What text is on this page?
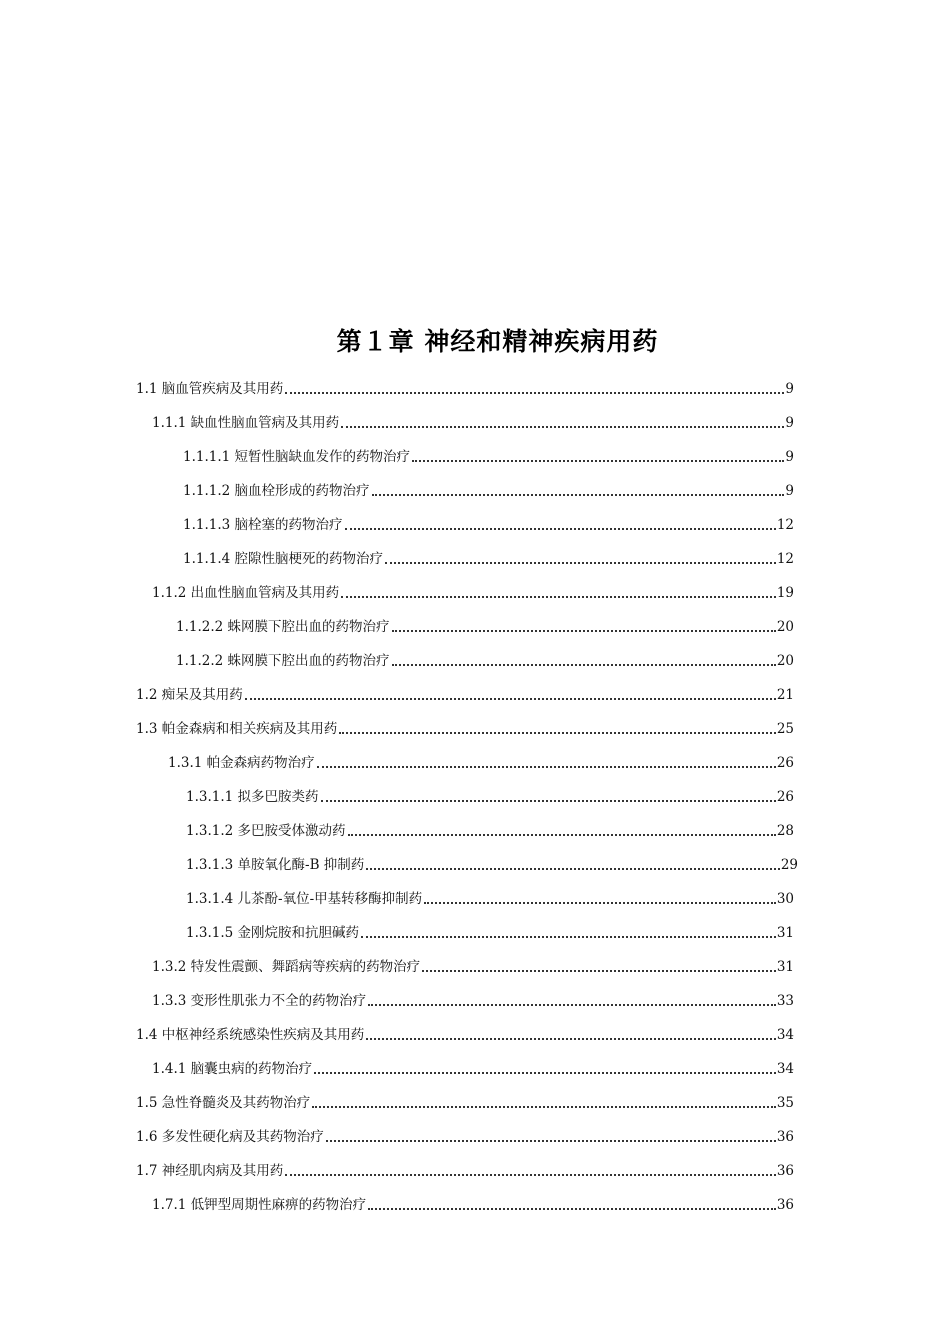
第１章 神经和精神疾病用药
1.1 脑血管疾病及其用药	9
1.1.1 缺血性脑血管病及其用药	9
1.1.1.1 短暂性脑缺血发作的药物治疗	9
1.1.1.2 脑血栓形成的药物治疗	9
1.1.1.3 脑栓塞的药物治疗	12
1.1.1.4 腔隙性脑梗死的药物治疗	12
1.1.2 出血性脑血管病及其用药	19
1.1.2.2 蛛网膜下腔出血的药物治疗	20
1.1.2.2 蛛网膜下腔出血的药物治疗	20
1.2 痴呆及其用药	21
1.3 帕金森病和相关疾病及其用药	25
1.3.1 帕金森病药物治疗	26
1.3.1.1 拟多巴胺类药	26
1.3.1.2 多巴胺受体激动药	28
1.3.1.3 单胺氧化酶-B 抑制药	29
1.3.1.4 儿茶酚-氧位-甲基转移酶抑制药	30
1.3.1.5 金刚烷胺和抗胆碱药	31
1.3.2 特发性震颤、舞蹈病等疾病的药物治疗	31
1.3.3 变形性肌张力不全的药物治疗	33
1.4 中枢神经系统感染性疾病及其用药	34
1.4.1 脑囊虫病的药物治疗	34
1.5 急性脊髓炎及其药物治疗	35
1.6 多发性硬化病及其药物治疗	36
1.7 神经肌肉病及其用药	36
1.7.1 低钾型周期性麻痹的药物治疗	36
